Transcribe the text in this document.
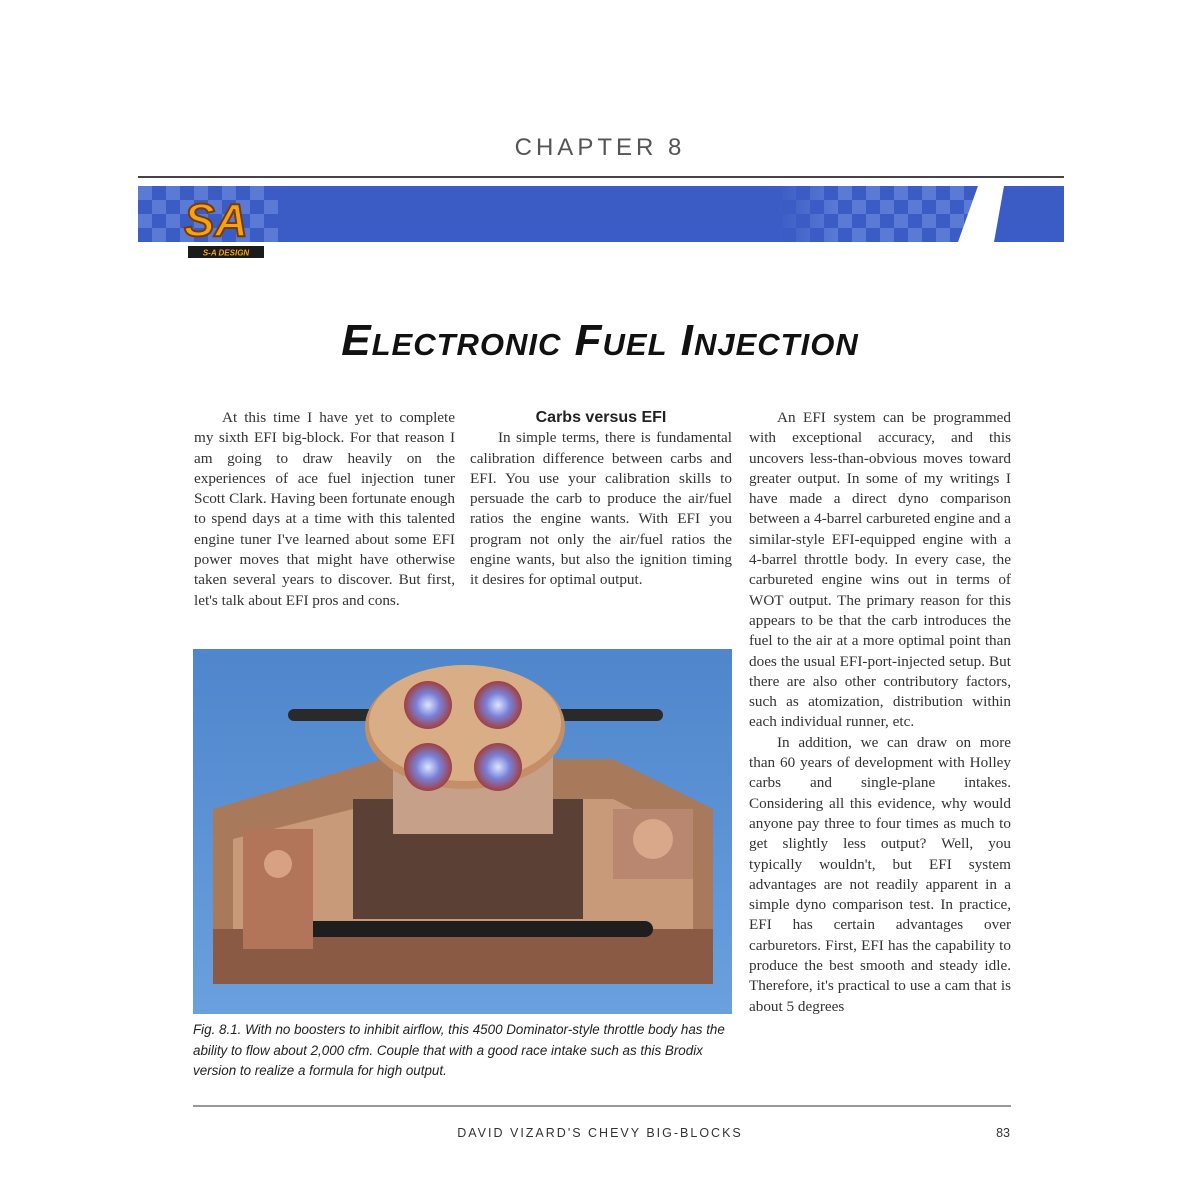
CHAPTER 8
SA
S-A DESIGN
Electronic Fuel Injection

At this time I have yet to complete my sixth EFI big-block. For that reason I am going to draw heavily on the experiences of ace fuel injection tuner Scott Clark. Having been fortunate enough to spend days at a time with this talented engine tuner I've learned about some EFI power moves that might have otherwise taken several years to discover. But first, let's talk about EFI pros and cons.

Carbs versus EFI

In simple terms, there is fundamental calibration difference between carbs and EFI. You use your calibration skills to persuade the carb to produce the air/fuel ratios the engine wants. With EFI you program not only the air/fuel ratios the engine wants, but also the ignition timing it desires for optimal output.

An EFI system can be programmed with exceptional accuracy, and this uncovers less-than-obvious moves toward greater output. In some of my writings I have made a direct dyno comparison between a 4-barrel carbureted engine and a similar-style EFI-equipped engine with a 4-barrel throttle body. In every case, the carbureted engine wins out in terms of WOT output. The primary reason for this appears to be that the carb introduces the fuel to the air at a more optimal point than does the usual EFI-port-injected setup. But there are also other contributory factors, such as atomization, distribution within each individual runner, etc.

In addition, we can draw on more than 60 years of development with Holley carbs and single-plane intakes. Considering all this evidence, why would anyone pay three to four times as much to get slightly less output? Well, you typically wouldn't, but EFI system advantages are not readily apparent in a simple dyno comparison test. In practice, EFI has certain advantages over carburetors. First, EFI has the capability to produce the best smooth and steady idle. Therefore, it's practical to use a cam that is about 5 degrees

Fig. 8.1. With no boosters to inhibit airflow, this 4500 Dominator-style throttle body has the ability to flow about 2,000 cfm. Couple that with a good race intake such as this Brodix version to realize a formula for high output.
DAVID VIZARD'S CHEVY BIG-BLOCKS	83
